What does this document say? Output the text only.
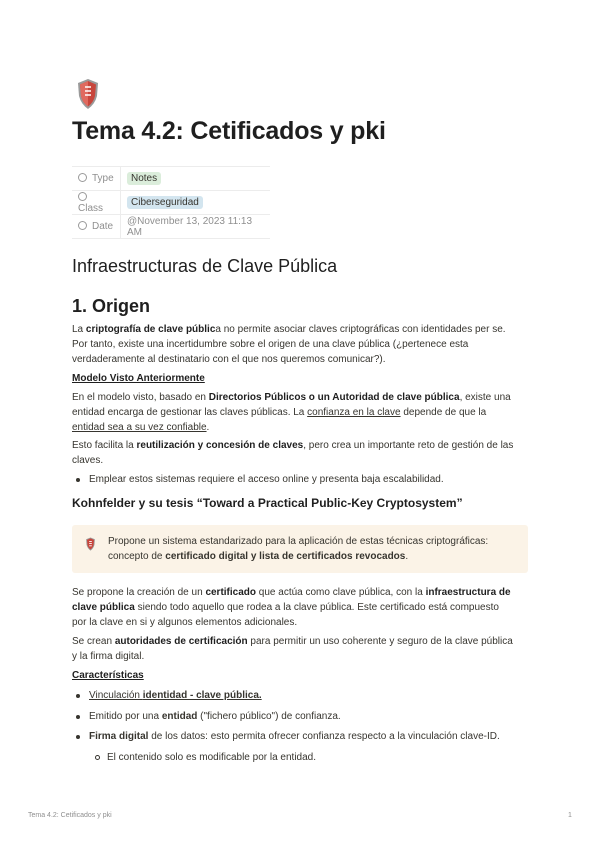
Tema 4.2: Cetificados y pki
Type	Notes
Class	Ciberseguridad
Date	@November 13, 2023 11:13 AM
Infraestructuras de Clave Pública
1. Origen
La criptografía de clave pública no permite asociar claves criptográficas con identidades per se.
Por tanto, existe una incertidumbre sobre el origen de una clave pública (¿pertenece esta
verdaderamente al destinatario con el que nos queremos comunicar?).
Modelo Visto Anteriormente
En el modelo visto, basado en Directorios Públicos o un Autoridad de clave pública, existe una
entidad encarga de gestionar las claves públicas. La confianza en la clave depende de que la
entidad sea a su vez confiable.
Esto facilita la reutilización y concesión de claves, pero crea un importante reto de gestión de las
claves.
Emplear estos sistemas requiere el acceso online y presenta baja escalabilidad.
Kohnfelder y su tesis “Toward a Practical Public-Key Cryptosystem”
Propone un sistema estandarizado para la aplicación de estas técnicas criptográficas:
concepto de certificado digital y lista de certificados revocados.
Se propone la creación de un certificado que actúa como clave pública, con la infraestructura de
clave pública siendo todo aquello que rodea a la clave pública. Este certificado está compuesto
por la clave en si y algunos elementos adicionales.
Se crean autoridades de certificación para permitir un uso coherente y seguro de la clave pública
y la firma digital.
Características
Vinculación identidad - clave pública.
Emitido por una entidad ("fichero público") de confianza.
Firma digital de los datos: esto permita ofrecer confianza respecto a la vinculación clave-ID.
El contenido solo es modificable por la entidad.
Tema 4.2: Cetificados y pki	1
